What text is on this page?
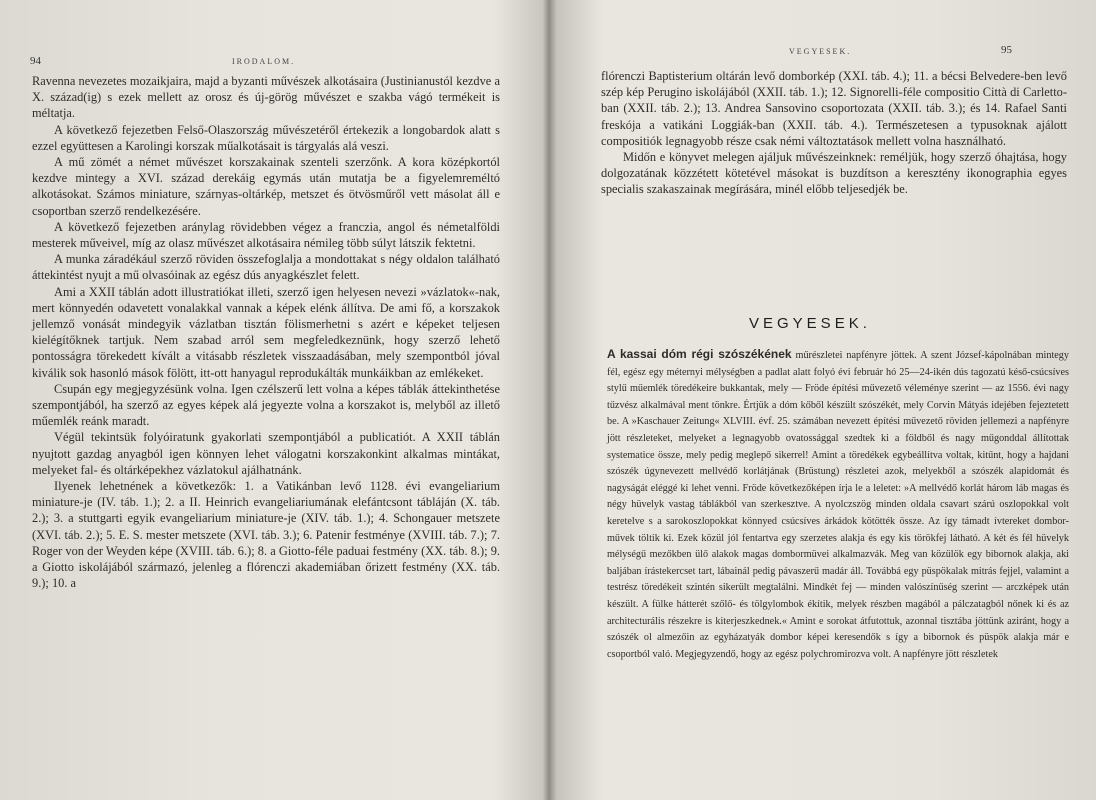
94	IRODALOM.

Ravenna nevezetes mozaikjaira, majd a byzanti művészek alkotásaira (Justinianustól kezdve a X. század(ig) s ezek mellett az orosz és új-görög művészet e szakba vágó termékeit is méltatja.

A következő fejezetben Felső-Olaszország művészetéről értekezik a longobardok alatt s ezzel együttesen a Karolingi korszak műalkotásait is tárgyalás alá veszi.

A mű zömét a német művészet korszakainak szenteli szerzőnk. A kora középkortól kezdve mintegy a XVI. század derekáig egymás után mutatja be a figyelemreméltó alkotásokat. Számos miniature, szárnyas-oltárkép, metszet és ötvösműről vett másolat áll e csoportban szerző rendelkezésére.

A következő fejezetben aránylag rövidebben végez a franczia, angol és németalföldi mesterek műveivel, míg az olasz művészet alkotásaira némileg több súlyt látszik fektetni.

A munka záradékául szerző röviden összefoglalja a mondottakat s négy oldalon található áttekintést nyujt a mű olvasóinak az egész dús anyagkészlet felett.

Ami a XXII táblán adott illustratiókat illeti, szerző igen helyesen nevezi »vázlatok«-nak, mert könnyedén odavetett vonalakkal vannak a képek elénk állítva. De ami fő, a korszakok jellemző vonását mindegyik vázlatban tisztán fölismerhetni s azért e képeket teljesen kielégítőknek tartjuk. Nem szabad arról sem megfeledkeznünk, hogy szerző lehető pontosságra törekedett kívált a vitásabb részletek visszaadásában, mely szempontból jóval kiválik sok hasonló mások fölött, itt-ott hanyagul reprodukálták munkáikban az emlékeket.

Csupán egy megjegyzésünk volna. Igen czélszerű lett volna a képes táblák áttekinthetése szempontjából, ha szerző az egyes képek alá jegyezte volna a korszakot is, melyből az illető műemlék reánk maradt.

Végül tekintsük folyóiratunk gyakorlati szempontjából a publicatiót. A XXII táblán nyujtott gazdag anyagból igen könnyen lehet válogatni korszakonkint alkalmas mintákat, melyeket fal- és oltárképekhez vázlatokul ajálhatnánk.

Ilyenek lehetnének a következők: 1. a Vatikánban levő 1128. évi evangeliarium miniature-je (IV. táb. 1.); 2. a II. Heinrich evangeliariumának elefántcsont tábláján (X. táb. 2.); 3. a stuttgarti egyik evangeliarium miniature-je (XIV. táb. 1.); 4. Schongauer metszete (XVI. táb. 2.); 5. E. S. mester metszete (XVI. táb. 3.); 6. Patenir festménye (XVIII. táb. 7.); 7. Roger von der Weyden képe (XVIII. táb. 6.); 8. a Giotto-féle paduai festmény (XX. táb. 8.); 9. a Giotto iskolájából származó, jelenleg a flórenczi akademiában őrizett festmény (XX. táb. 9.); 10. a

VEGYESEK.	95

flórenczi Baptisterium oltárán levő domborkép (XXI. táb. 4.); 11. a bécsi Belvedere-ben levő szép kép Perugino iskolájából (XXII. táb. 1.); 12. Signorelli-féle compositio Città di Carletto-ban (XXII. táb. 2.); 13. Andrea Sansovino csoportozata (XXII. táb. 3.); és 14. Rafael Santi freskója a vatikáni Loggiák-ban (XXII. táb. 4.). Természetesen a typusoknak ajálott compositiók legnagyobb része csak némi változtatások mellett volna használható.

Midőn e könyvet melegen ajáljuk művészeinknek: reméljük, hogy szerző óhajtása, hogy dolgozatának közzétett kötetével másokat is buzdítson a keresztény ikonographia egyes specialis szakaszainak megírására, minél előbb teljesedjék be.

VEGYESEK.

A kassai dóm régi szószékének műrészletei napfényre jöttek. A szent József-kápolnában mintegy fél, egész egy méternyi mélységben a padlat alatt folyó évi február hó 25—24-ikén dús tagozatú késő-csúcsíves stylű műemlék töredékeire bukkantak, mely — Fröde építési művezető véleménye szerint — az 1556. évi nagy tűzvész alkalmával ment tönkre. Értjük a dóm kőből készült szószékét, mely Corvin Mátyás idejében fejeztetett be. A »Kaschauer Zeitung« XLVIII. évf. 25. számában nevezett építési művezető röviden jellemezi a napfényre jött részleteket, melyeket a legnagyobb ovatossággal szedtek ki a földből és nagy műgonddal állítottak systematice össze, mely pedig meglepő sikerrel! Amint a töredékek egybeállítva voltak, kitűnt, hogy a hajdani szószék úgynevezett mellvédő korlátjának (Brüstung) részletei azok, melyekből a szószék alapidomát és nagyságát eléggé ki lehet venni. Fröde következőképen írja le a leletet: »A mellvédő korlát három láb magas és négy hüvelyk vastag táblákból van szerkesztve. A nyolczszög minden oldala csavart szárú oszlopokkal volt keretelve s a sarokoszlopokkat könnyed csúcsíves árkádok kötötték össze. Az így támadt ívtereket dombor-művek töltik ki. Ezek közül jól fentartva egy szerzetes alakja és egy kis törökfej látható. A két és fél hüvelyk mélységű mezőkben ülő alakok magas dombormüvei alkalmazvák. Meg van közülök egy bibornok alakja, aki baljában írástekercset tart, lábainál pedig pávaszerű madár áll. Továbbá egy püspökalak mitrás fejjel, valamint a testrész töredékeit szintén sikerült megtalálni. Mindkét fej — minden valószínűség szerint — arczképek után készült. A fülke hátterét szőlő- és tölgylombok ékítik, melyek részben magából a pálczatagból nőnek ki és az architecturális részekre is kiterjeszkednek.« Amint e sorokat átfutottuk, azonnal tisztába jöttünk aziránt, hogy a szószék ol almezőin az egyházatyák dombor képei keresendők s így a bibornok és püspök alakja már e csoportból való. Megjegyzendő, hogy az egész polychromirozva volt. A napfényre jött részletek
